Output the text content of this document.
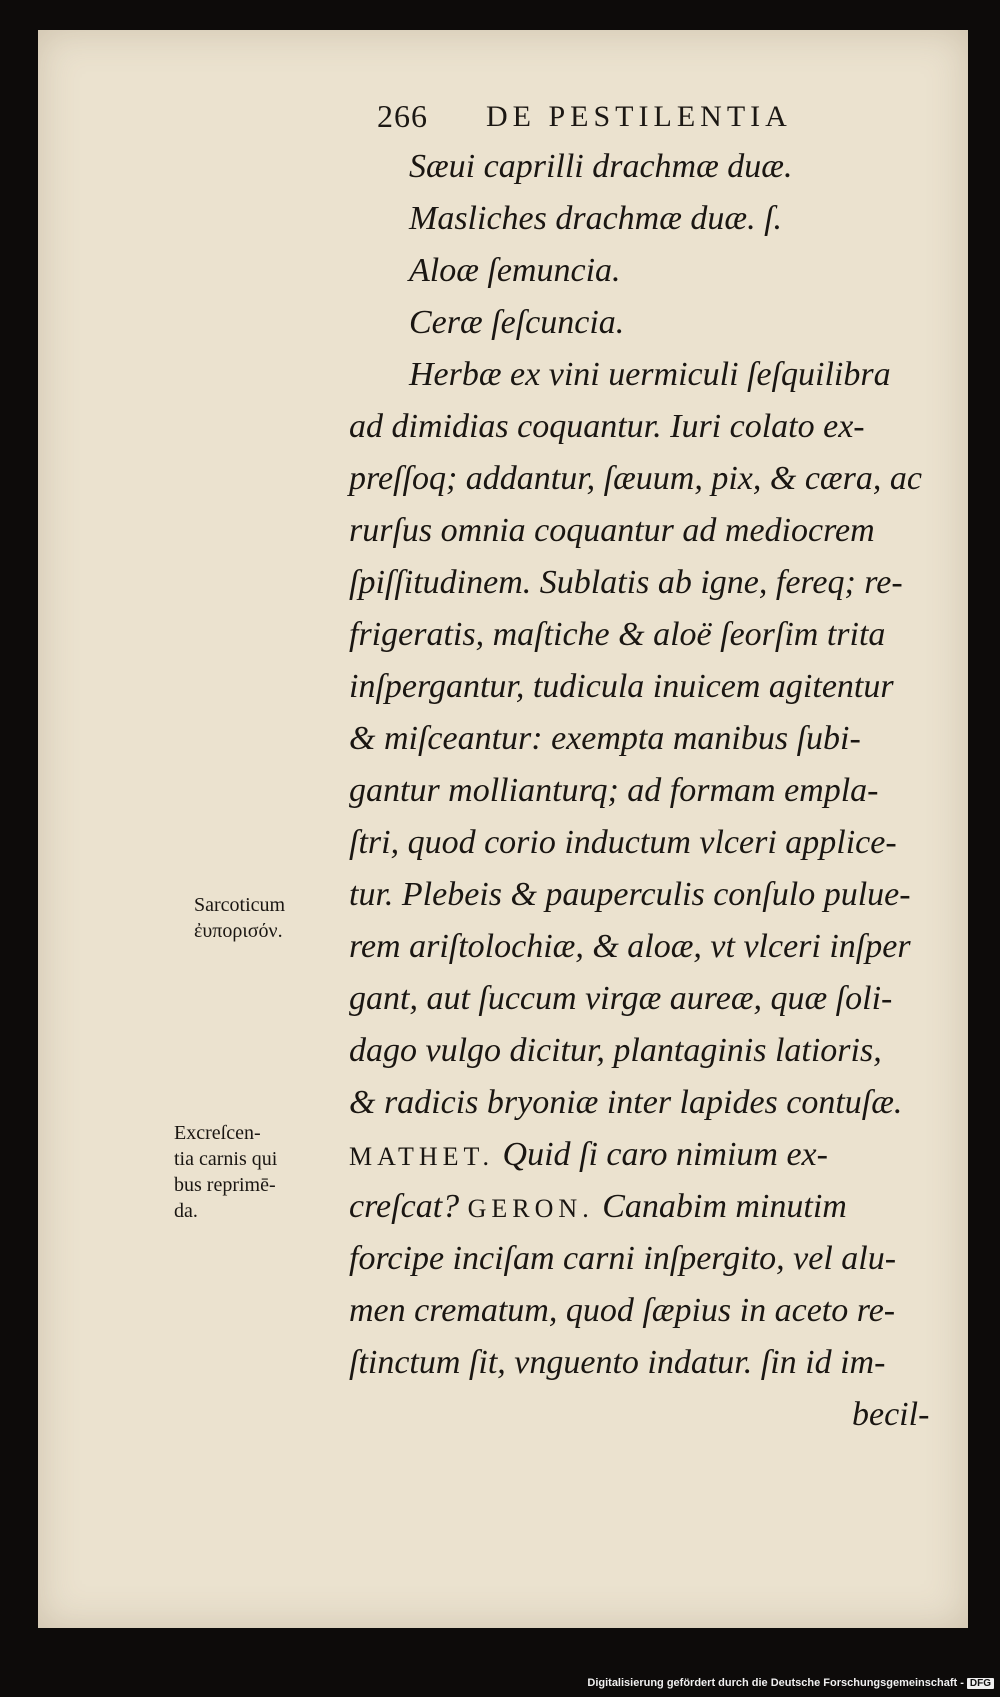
266 DE PESTILENTIA
Sæui caprilli drachmæ duæ.
Masliches drachmæ duæ. ſ.
Aloæ ſemuncia.
Ceræ ſeſcuncia.
Herbæ ex vini uermiculi ſeſquilibra
ad dimidias coquantur. Iuri colato ex-
preſſoq; addantur, ſæuum, pix, & cæra, ac
rurſus omnia coquantur ad mediocrem
ſpiſſitudinem. Sublatis ab igne, fereq; re-
frigeratis, maſtiche & aloë ſeorſim trita
inſpergantur, tudicula inuicem agitentur
& miſceantur: exempta manibus ſubi-
gantur mollianturq; ad formam empla-
ſtri, quod corio inductum vlceri applice-
tur. Plebeis & pauperculis conſulo pulue-
rem ariſtolochiæ, & aloæ, vt vlceri inſper
gant, aut ſuccum virgæ aureæ, quæ ſoli-
dago vulgo dicitur, plantaginis latioris,
& radicis bryoniæ inter lapides contuſæ.
MATHET. Quid ſi caro nimium ex-
creſcat? GERON. Canabim minutim
forcipe inciſam carni inſpergito, vel alu-
men crematum, quod ſæpius in aceto re-
ſtinctum ſit, vnguento indatur. ſin id im-
becil-
Sarcoticum
ἐυπορισόν.
Excreſcen-
tia carnis qui
bus reprimē-
da.
Digitalisierung gefördert durch die Deutsche Forschungsgemeinschaft - DFG
